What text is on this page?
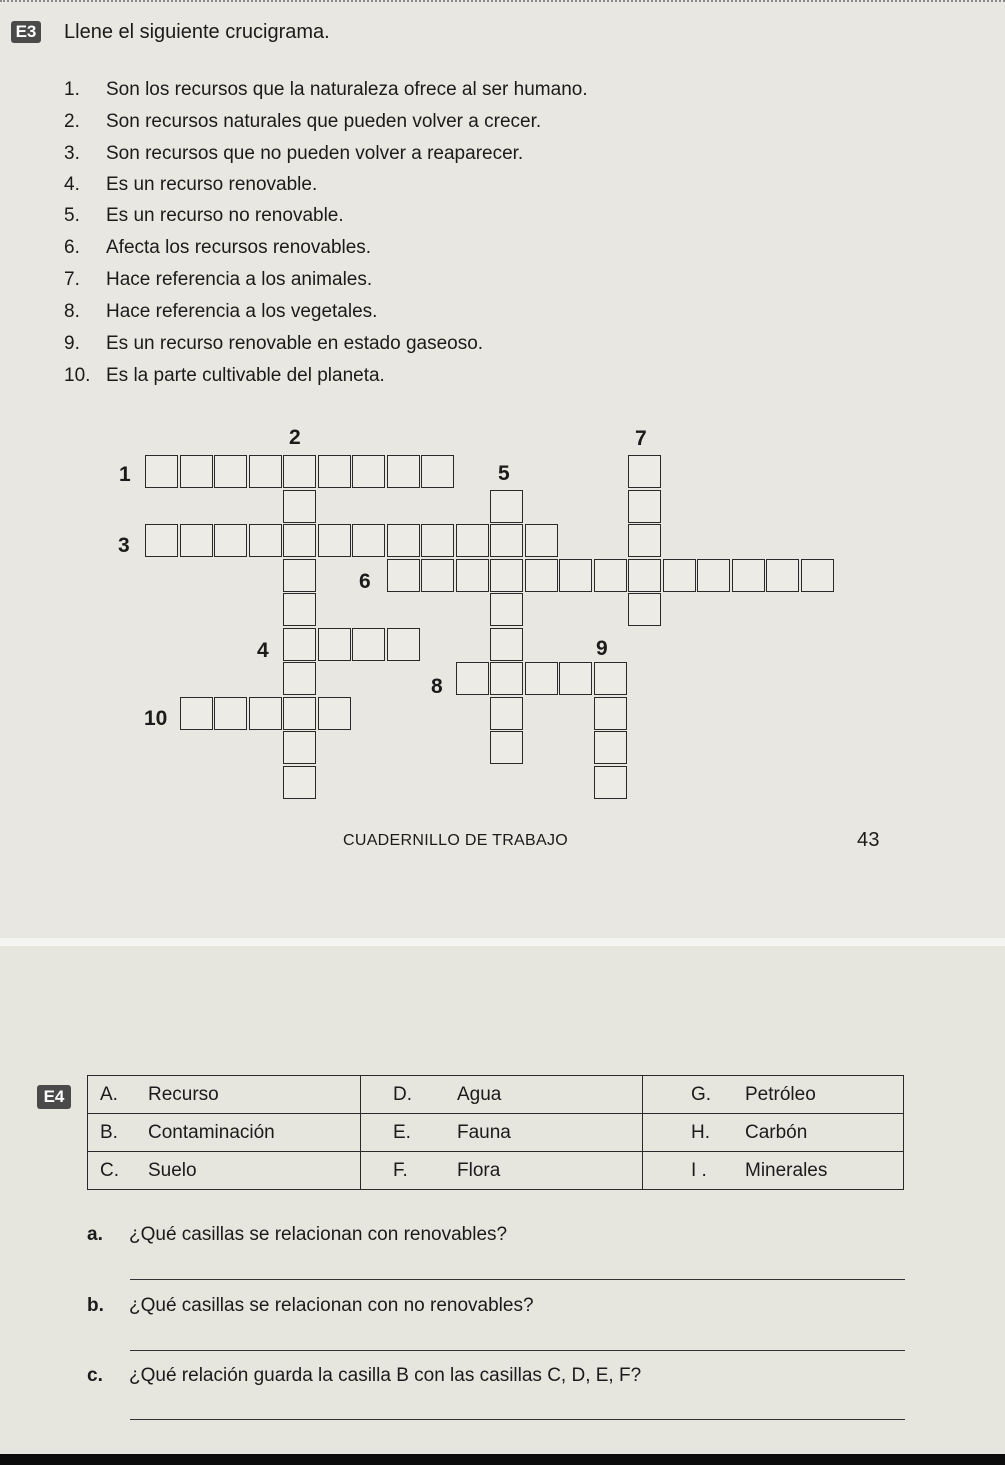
E3 Llene el siguiente crucigrama.
1. Son los recursos que la naturaleza ofrece al ser humano.
2. Son recursos naturales que pueden volver a crecer.
3. Son recursos que no pueden volver a reaparecer.
4. Es un recurso renovable.
5. Es un recurso no renovable.
6. Afecta los recursos renovables.
7. Hace referencia a los animales.
8. Hace referencia a los vegetales.
9. Es un recurso renovable en estado gaseoso.
10. Es la parte cultivable del planeta.
1
2
3
4
5
6
7
8
9
10
CUADERNILLO DE TRABAJO	43
E4	A. Recurso	D. Agua	G. Petróleo
B. Contaminación	E. Fauna	H. Carbón
C. Suelo	F. Flora	I . Minerales
a. ¿Qué casillas se relacionan con renovables?
b. ¿Qué casillas se relacionan con no renovables?
c. ¿Qué relación guarda la casilla B con las casillas C, D, E, F?
